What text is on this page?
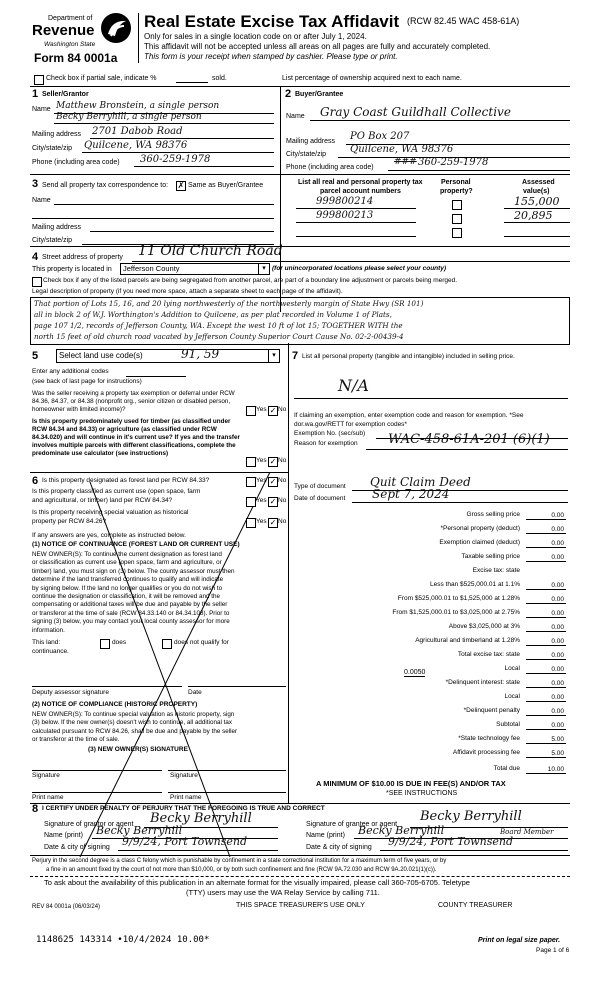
Department of
Revenue
Washington State
Form 84 0001a
Real Estate Excise Tax Affidavit (RCW 82.45 WAC 458-61A)
Only for sales in a single location code on or after July 1, 2024.
This affidavit will not be accepted unless all areas on all pages are fully and accurately completed.
This form is your receipt when stamped by cashier. Please type or print.
Check box if partial sale, indicate %	sold.	List percentage of ownership acquired next to each name.
1 Seller/Grantor
Name Matthew Bronstein, a single person
Becky Berryhill, a single person
Mailing address 2701 Dabob Road
City/state/zip Quilcene, WA 98376
Phone (including area code) 360-259-1978
2 Buyer/Grantee
Name Gray Coast Guildhall Collective
Mailing address PO Box 207
City/state/zip Quilcene, WA 98376
Phone (including area code)
### 360-259-1978
3 Send all property tax correspondence to: ✗ Same as Buyer/Grantee
Name
Mailing address
City/state/zip
List all real and personal property tax
parcel account numbers
Personal
property?
Assessed
value(s)
999800214	155,000
999800213	20,895
4 Street address of property 11 Old Church Road
This property is located in	Jefferson County	▾ (for unincorporated locations please select your county)
Check box if any of the listed parcels are being segregated from another parcel, are part of a boundary line adjustment or parcels being merged.
Legal description of property (if you need more space, attach a separate sheet to each page of the affidavit).
That portion of Lots 15, 16, and 20 lying northwesterly of the northwesterly margin of State Hwy (SR 101)
all in block 2 of W.J. Worthington's Addition to Quilcene, as per plat recorded in Volume 1 of Plats,
page 107 1/2, records of Jefferson County, WA. Except the west 10 ft of lot 15; TOGETHER WITH the
north 15 feet of old church road vacated by Jefferson County Superior Court Cause No. 02-2-00439-4
5	Select land use code(s)	91, 59	▾
Enter any additional codes
(see back of last page for instructions)
Was the seller receiving a property tax exemption or deferral under RCW 84.36, 84.37, or 84.38 (nonprofit org., senior citizen or disabled person, homeowner with limited income)?	Yes ✓ No
Is this property predominately used for timber (as classified under RCW 84.34 and 84.33) or agriculture (as classified under RCW 84.34.020) and will continue in it's current use? If yes and the transfer involves multiple parcels with different classifications, complete the predominate use calculator (see instructions)
Yes ✓ No
6 Is this property designated as forest land per RCW 84.33?	Yes ✓ No
Is this property classified as current use (open space, farm
and agricultural, or timber) land per RCW 84.34?	Yes ✓ No
Is this property receiving special valuation as historical
property per RCW 84.26?	Yes ✓ No
If any answers are yes, complete as instructed below.
(1) NOTICE OF CONTINUANCE (FOREST LAND OR CURRENT USE)
NEW OWNER(S): To continue the current designation as forest land
or classification as current use (open space, farm and agriculture, or
timber) land, you must sign on (3) below. The county assessor must then
determine if the land transferred continues to qualify and will indicate
by signing below. If the land no longer qualifies or you do not wish to
continue the designation or classification, it will be removed and the
compensating or additional taxes will be due and payable by the seller
or transferor at the time of sale (RCW 84.33.140 or 84.34.108). Prior to
signing (3) below, you may contact your local county assessor for more
information.
This land:	does	does not qualify for
continuance.
Deputy assessor signature	Date
(2) NOTICE OF COMPLIANCE (HISTORIC PROPERTY)
NEW OWNER(S): To continue special valuation as historic property, sign
(3) below. If the new owner(s) doesn't wish to continue, all additional tax
calculated pursuant to RCW 84.26, shall be due and payable by the seller
or transferor at the time of sale.
(3) NEW OWNER(S) SIGNATURE
Signature	Signature
Print name	Print name
7 List all personal property (tangible and intangible) included in selling price.
N/A
If claiming an exemption, enter exemption code and reason for exemption. *See dor.wa.gov/RETT for exemption codes*
Exemption No. (sec/sub)
Reason for exemption WAC-458-61A-201 (6)(1)
Type of document Quit Claim Deed
Date of document Sept 7, 2024
Gross selling price	0.00
*Personal property (deduct)	0.00
Exemption claimed (deduct)	0.00
Taxable selling price	0.00
Excise tax: state
Less than $525,000.01 at 1.1%	0.00
From $525,000.01 to $1,525,000 at 1.28%	0.00
From $1,525,000.01 to $3,025,000 at 2.75%	0.00
Above $3,025,000 at 3%	0.00
Agricultural and timberland at 1.28%	0.00
Total excise tax: state	0.00
Local	0.00
*Delinquent interest: state	0.00
Local	0.00
*Delinquent penalty	0.00
Subtotal	0.00
*State technology fee	5.00
Affidavit processing fee	5.00
Total due	10.00
0.0050
A MINIMUM OF $10.00 IS DUE IN FEE(S) AND/OR TAX
*SEE INSTRUCTIONS
8 I CERTIFY UNDER PENALTY OF PERJURY THAT THE FOREGOING IS TRUE AND CORRECT
Signature of grantor or agent Becky Berryhill
Name (print) Becky Berryhill
Date & city of signing 9/9/24, Port Townsend
Signature of grantee or agent
Becky Berryhill
Name (print) Becky Berryhill	Board Member
Date & city of signing 9/9/24, Port Townsend
Perjury in the second degree is a class C felony which is punishable by confinement in a state correctional institution for a maximum term of five years, or by
a fine in an amount fixed by the court of not more than $10,000, or by both such confinement and fine (RCW 9A.72.030 and RCW 9A.20.021(1)(c)).
To ask about the availability of this publication in an alternate format for the visually impaired, please call 360-705-6705. Teletype
(TTY) users may use the WA Relay Service by calling 711.
REV 84 0001a (06/03/24)	THIS SPACE TREASURER'S USE ONLY	COUNTY TREASURER
1148625 143314 •10/4/2024 10.00*	Print on legal size paper.
Page 1 of 6
